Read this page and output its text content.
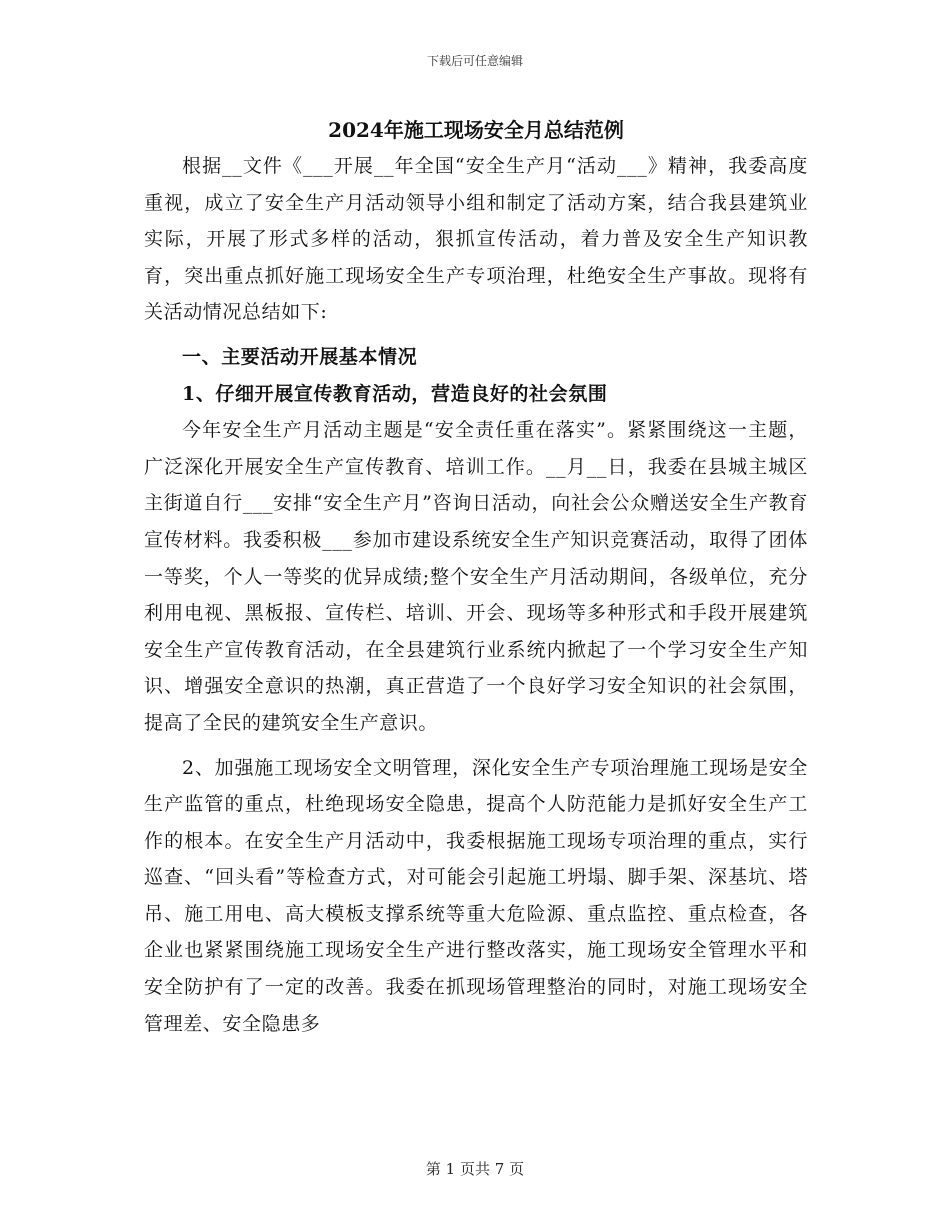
下载后可任意编辑

2024年施工现场安全月总结范例

根据__文件《___开展__年全国“安全生产月“活动___》精神，我委高度重视，成立了安全生产月活动领导小组和制定了活动方案，结合我县建筑业实际，开展了形式多样的活动，狠抓宣传活动，着力普及安全生产知识教育，突出重点抓好施工现场安全生产专项治理，杜绝安全生产事故。现将有关活动情况总结如下:

一、主要活动开展基本情况

1、仔细开展宣传教育活动，营造良好的社会氛围

今年安全生产月活动主题是“安全责任重在落实”。紧紧围绕这一主题，广泛深化开展安全生产宣传教育、培训工作。__月__日，我委在县城主城区主街道自行___安排“安全生产月”咨询日活动，向社会公众赠送安全生产教育宣传材料。我委积极___参加市建设系统安全生产知识竞赛活动，取得了团体一等奖，个人一等奖的优异成绩;整个安全生产月活动期间，各级单位，充分利用电视、黑板报、宣传栏、培训、开会、现场等多种形式和手段开展建筑安全生产宣传教育活动，在全县建筑行业系统内掀起了一个学习安全生产知识、增强安全意识的热潮，真正营造了一个良好学习安全知识的社会氛围，提高了全民的建筑安全生产意识。

2、加强施工现场安全文明管理，深化安全生产专项治理施工现场是安全生产监管的重点，杜绝现场安全隐患，提高个人防范能力是抓好安全生产工作的根本。在安全生产月活动中，我委根据施工现场专项治理的重点，实行巡查、“回头看”等检查方式，对可能会引起施工坍塌、脚手架、深基坑、塔吊、施工用电、高大模板支撑系统等重大危险源、重点监控、重点检查，各企业也紧紧围绕施工现场安全生产进行整改落实，施工现场安全管理水平和安全防护有了一定的改善。我委在抓现场管理整治的同时，对施工现场安全管理差、安全隐患多

第 1 页共 7 页
